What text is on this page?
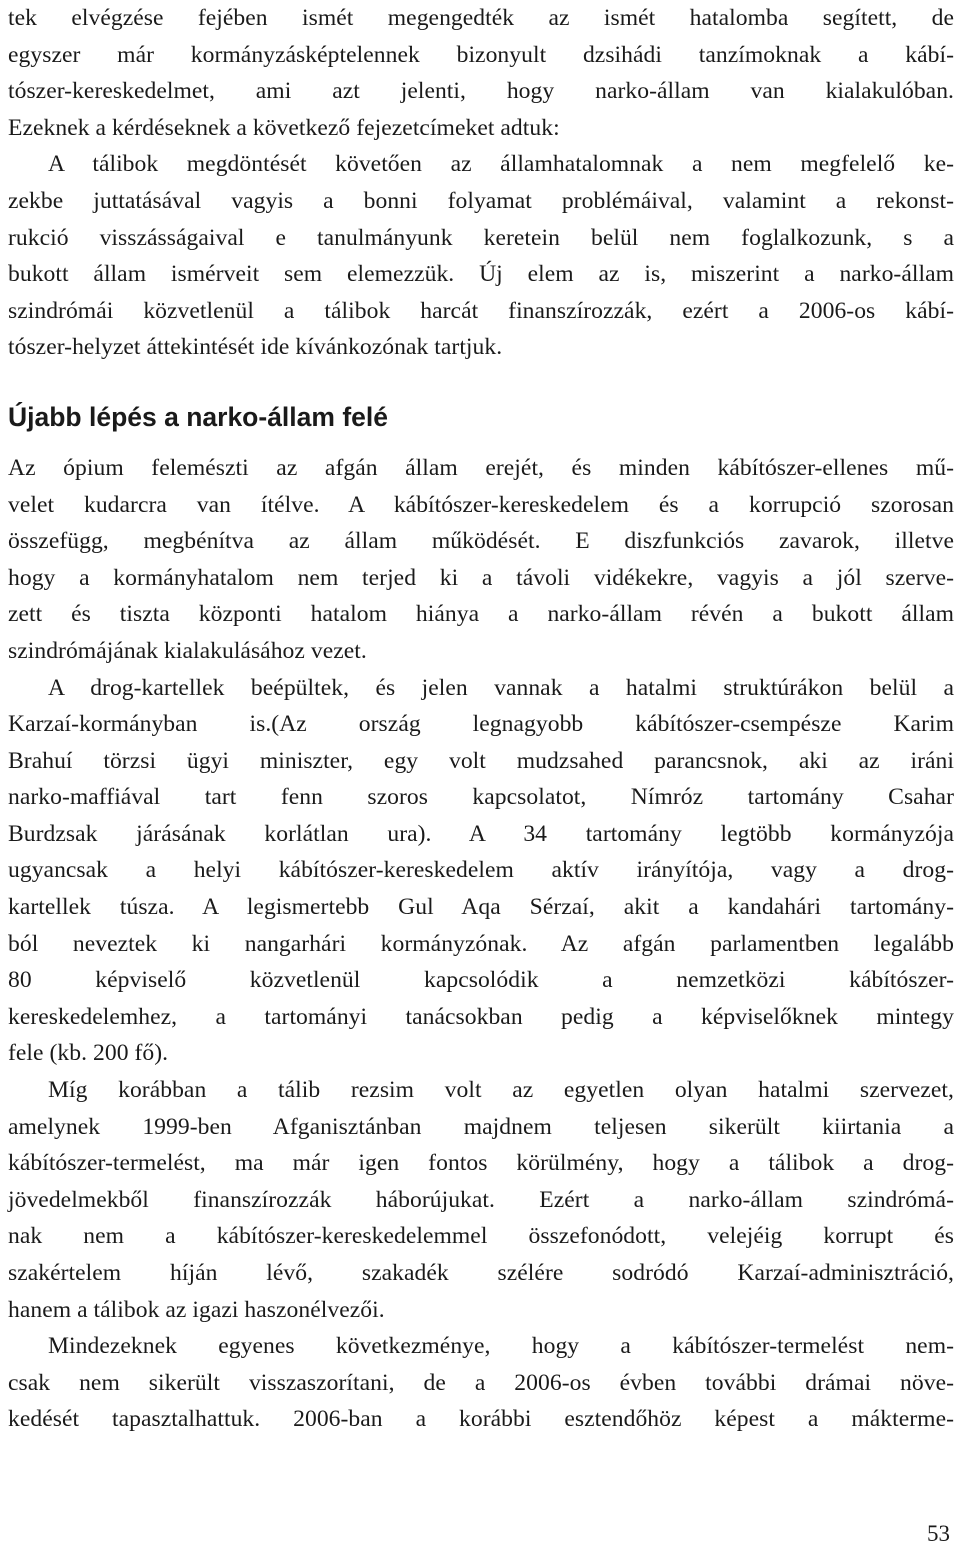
tek elvégzése fejében ismét megengedték az ismét hatalomba segített, de
egyszer már kormányzásképtelennek bizonyult dzsihádi tanzímoknak a kábí-
tószer-kereskedelmet, ami azt jelenti, hogy narko-állam van kialakulóban.
Ezeknek a kérdéseknek a következő fejezetcímeket adtuk:
A tálibok megdöntését követően az államhatalomnak a nem megfelelő ke-
zekbe juttatásával vagyis a bonni folyamat problémáival, valamint a rekonst-
rukció visszásságaival e tanulmányunk keretein belül nem foglalkozunk, s a
bukott állam ismérveit sem elemezzük. Új elem az is, miszerint a narko-állam
szindrómái közvetlenül a tálibok harcát finanszírozzák, ezért a 2006-os kábí-
tószer-helyzet áttekintését ide kívánkozónak tartjuk.
Újabb lépés a narko-állam felé
Az ópium felemészti az afgán állam erejét, és minden kábítószer-ellenes mű-
velet kudarcra van ítélve. A kábítószer-kereskedelem és a korrupció szorosan
összefügg, megbénítva az állam működését. E diszfunkciós zavarok, illetve
hogy a kormányhatalom nem terjed ki a távoli vidékekre, vagyis a jól szerve-
zett és tiszta központi hatalom hiánya a narko-állam révén a bukott állam
szindrómájának kialakulásához vezet.
A drog-kartellek beépültek, és jelen vannak a hatalmi struktúrákon belül a
Karzaí-kormányban is.(Az ország legnagyobb kábítószer-csempésze Karim
Brahuí törzsi ügyi miniszter, egy volt mudzsahed parancsnok, aki az iráni
narko-maffiával tart fenn szoros kapcsolatot, Nímróz tartomány Csahar
Burdzsak járásának korlátlan ura). A 34 tartomány legtöbb kormányzója
ugyancsak a helyi kábítószer-kereskedelem aktív irányítója, vagy a drog-
kartellek túsza. A legismertebb Gul Aqa Sérzaí, akit a kandahári tartomány-
ból neveztek ki nangarhári kormányzónak. Az afgán parlamentben legalább
80 képviselő közvetlenül kapcsolódik a nemzetközi kábítószer-
kereskedelemhez, a tartományi tanácsokban pedig a képviselőknek mintegy
fele (kb. 200 fő).
Míg korábban a tálib rezsim volt az egyetlen olyan hatalmi szervezet,
amelynek 1999-ben Afganisztánban majdnem teljesen sikerült kiirtania a
kábítószer-termelést, ma már igen fontos körülmény, hogy a tálibok a drog-
jövedelmekből finanszírozzák háborújukat. Ezért a narko-állam szindrómá-
nak nem a kábítószer-kereskedelemmel összefonódott, velejéig korrupt és
szakértelem híján lévő, szakadék szélére sodródó Karzaí-adminisztráció,
hanem a tálibok az igazi haszonélvezői.
Mindezeknek egyenes következménye, hogy a kábítószer-termelést nem-
csak nem sikerült visszaszorítani, de a 2006-os évben további drámai növe-
kedését tapasztalhattuk. 2006-ban a korábbi esztendőhöz képest a máktermе-
53
